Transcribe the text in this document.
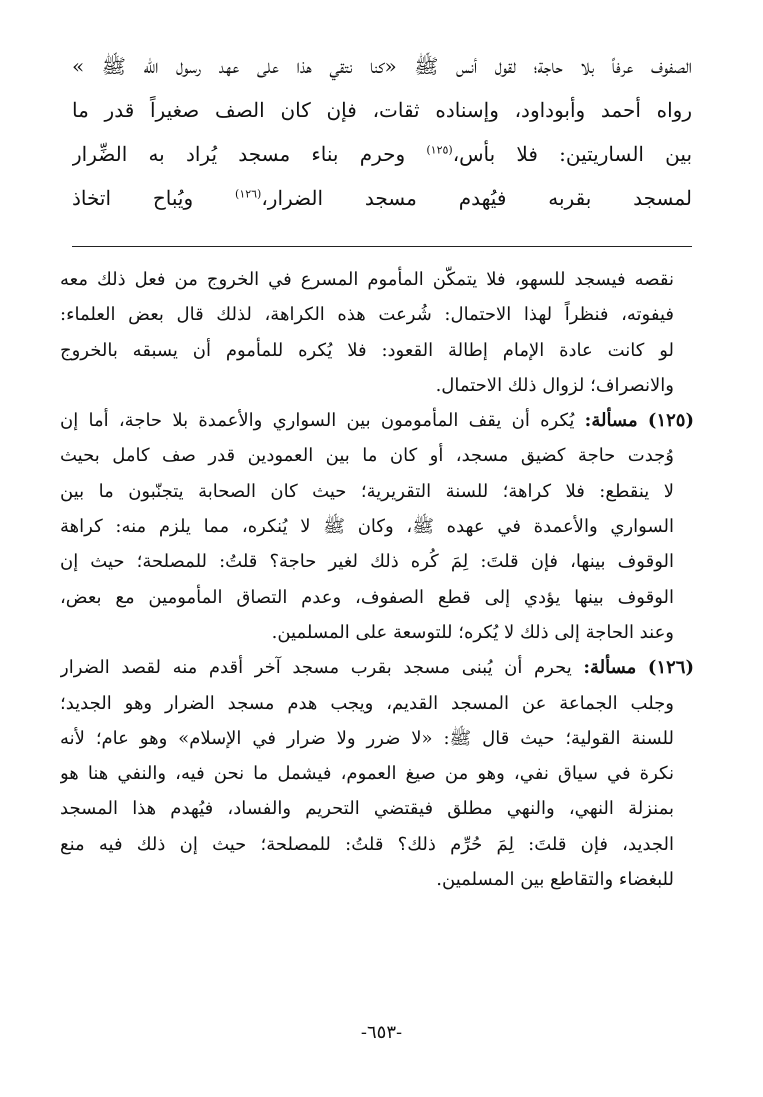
الصفوف عرفاً بلا حاجة؛ لقول أنس ﷺ «كنا نتقي هذا على عهد رسول الله ﷺ »
رواه أحمد وأبوداود، وإسناده ثقات، فإن كان الصف صغيراً قدر ما
بين الساريتين: فلا بأس،$^{(١٢٥)}$ وحرم بناء مسجد يُراد به الضِّرار
لمسجد بقربه فيُهدم مسجد الضرار،$^{(١٢٦)}$ ويُباح اتخاذ
نقصه فيسجد للسهو، فلا يتمكّن المأموم المسرع في الخروج من فعل ذلك معه
فيفوته، فنظراً لهذا الاحتمال: شُرعت هذه الكراهة، لذلك قال بعض العلماء:
لو كانت عادة الإمام إطالة القعود: فلا يُكره للمأموم أن يسبقه بالخروج
والانصراف؛ لزوال ذلك الاحتمال.
(١٢٥) مسألة: يُكره أن يقف المأمومون بين السواري والأعمدة بلا حاجة، أما إن
وُجدت حاجة كضيق مسجد، أو كان ما بين العمودين قدر صف كامل بحيث
لا ينقطع: فلا كراهة؛ للسنة التقريرية؛ حيث كان الصحابة يتجنّبون ما بين
السواري والأعمدة في عهده ﷺ، وكان ﷺ لا يُنكره، مما يلزم منه: كراهة
الوقوف بينها، فإن قلتَ: لِمَ كُره ذلك لغير حاجة؟ قلتُ: للمصلحة؛ حيث إن
الوقوف بينها يؤدي إلى قطع الصفوف، وعدم التصاق المأمومين مع بعض،
وعند الحاجة إلى ذلك لا يُكره؛ للتوسعة على المسلمين.
(١٢٦) مسألة: يحرم أن يُبنى مسجد بقرب مسجد آخر أقدم منه لقصد الضرار
وجلب الجماعة عن المسجد القديم، ويجب هدم مسجد الضرار وهو الجديد؛
للسنة القولية؛ حيث قال ﷺ: «لا ضرر ولا ضرار في الإسلام» وهو عام؛ لأنه
نكرة في سياق نفي، وهو من صيغ العموم، فيشمل ما نحن فيه، والنفي هنا هو
بمنزلة النهي، والنهي مطلق فيقتضي التحريم والفساد، فيُهدم هذا المسجد
الجديد، فإن قلتَ: لِمَ حُرِّم ذلك؟ قلتُ: للمصلحة؛ حيث إن ذلك فيه منع
للبغضاء والتقاطع بين المسلمين.
-٦٥٣-
